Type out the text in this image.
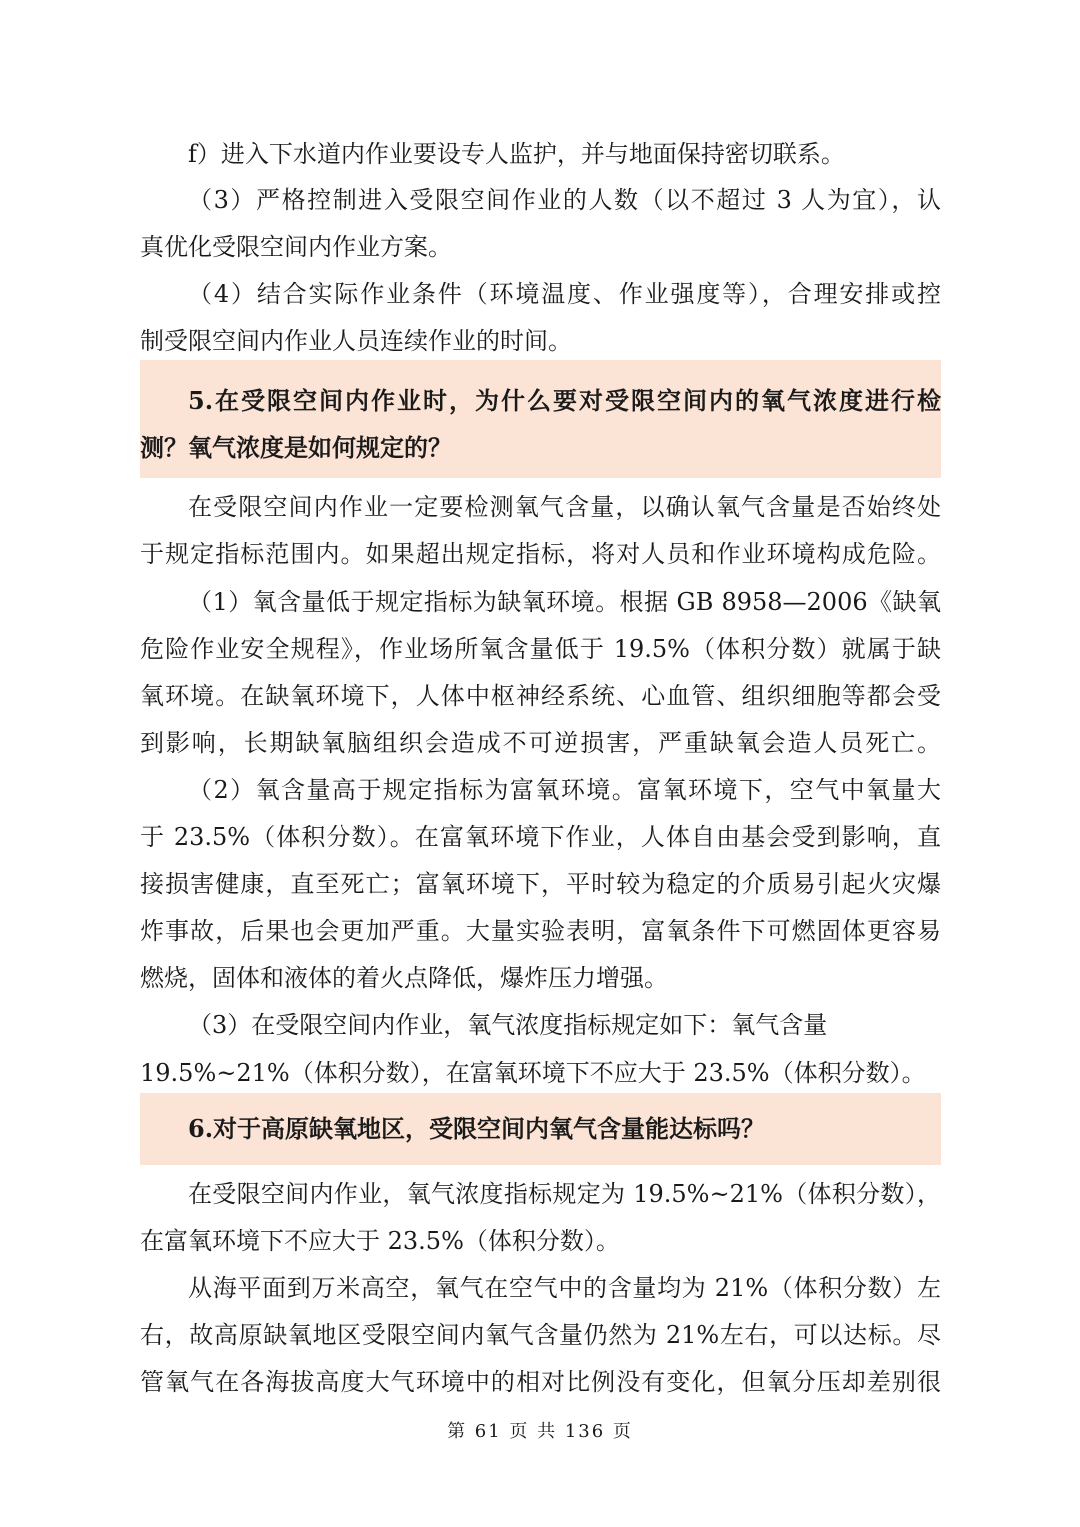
f）进入下水道内作业要设专人监护，并与地面保持密切联系。
（3）严格控制进入受限空间作业的人数（以不超过 3 人为宜），认
真优化受限空间内作业方案。
（4）结合实际作业条件（环境温度、作业强度等），合理安排或控
制受限空间内作业人员连续作业的时间。
5.在受限空间内作业时，为什么要对受限空间内的氧气浓度进行检
测？氧气浓度是如何规定的？
在受限空间内作业一定要检测氧气含量，以确认氧气含量是否始终处
于规定指标范围内。如果超出规定指标，将对人员和作业环境构成危险。
（1）氧含量低于规定指标为缺氧环境。根据 GB 8958—2006《缺氧
危险作业安全规程》，作业场所氧含量低于 19.5%（体积分数）就属于缺
氧环境。在缺氧环境下，人体中枢神经系统、心血管、组织细胞等都会受
到影响，长期缺氧脑组织会造成不可逆损害，严重缺氧会造人员死亡。
（2）氧含量高于规定指标为富氧环境。富氧环境下，空气中氧量大
于 23.5%（体积分数）。在富氧环境下作业，人体自由基会受到影响，直
接损害健康，直至死亡；富氧环境下，平时较为稳定的介质易引起火灾爆
炸事故，后果也会更加严重。大量实验表明，富氧条件下可燃固体更容易
燃烧，固体和液体的着火点降低，爆炸压力增强。
（3）在受限空间内作业，氧气浓度指标规定如下：氧气含量
19.5%~21%（体积分数），在富氧环境下不应大于 23.5%（体积分数）。
6.对于高原缺氧地区，受限空间内氧气含量能达标吗？
在受限空间内作业，氧气浓度指标规定为 19.5%~21%（体积分数），
在富氧环境下不应大于 23.5%（体积分数）。
从海平面到万米高空，氧气在空气中的含量均为 21%（体积分数）左
右，故高原缺氧地区受限空间内氧气含量仍然为 21%左右，可以达标。尽
管氧气在各海拔高度大气环境中的相对比例没有变化，但氧分压却差别很
第 61 页 共 136 页
